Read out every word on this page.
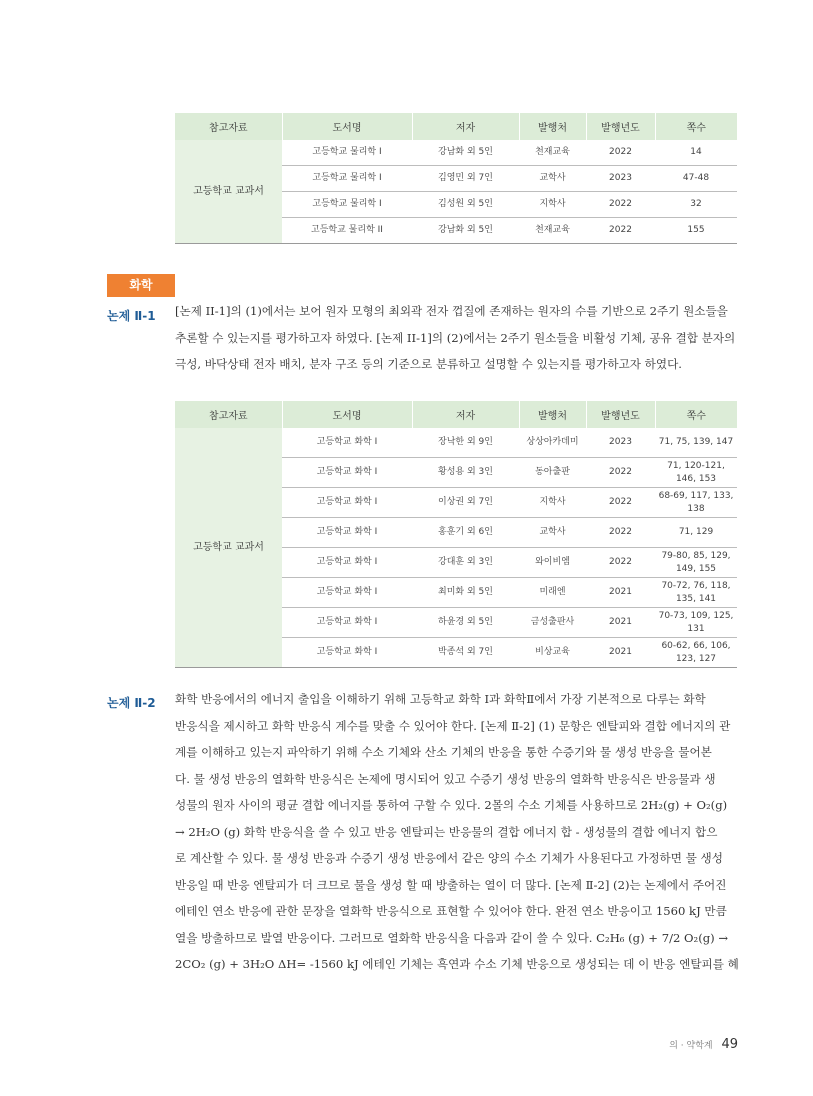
참고자료	도서명	저자	발행처	발행년도	쪽수
고등학교 교과서	고등학교 물리학 I	강남화 외 5인	천재교육	2022	14
	고등학교 물리학 I	김영민 외 7인	교학사	2023	47-48
	고등학교 물리학 I	김성원 외 5인	지학사	2022	32
	고등학교 물리학 II	강남화 외 5인	천재교육	2022	155
화학
논제 Ⅱ-1 [논제 II-1]의 (1)에서는 보어 원자 모형의 최외곽 전자 껍질에 존재하는 원자의 수를 기반으로 2주기 원소들을
추론할 수 있는지를 평가하고자 하였다. [논제 II-1]의 (2)에서는 2주기 원소들을 비활성 기체, 공유 결합 분자의
극성, 바닥상태 전자 배치, 분자 구조 등의 기준으로 분류하고 설명할 수 있는지를 평가하고자 하였다.
참고자료	도서명	저자	발행처	발행년도	쪽수
고등학교 교과서	고등학교 화학 I	장낙한 외 9인	상상아카데미	2023	71, 75, 139, 147
	고등학교 화학 I	황성용 외 3인	동아출판	2022	71, 120-121, 146, 153
	고등학교 화학 I	이상권 외 7인	지학사	2022	68-69, 117, 133, 138
	고등학교 화학 I	홍훈기 외 6인	교학사	2022	71, 129
	고등학교 화학 I	강대훈 외 3인	와이비엠	2022	79-80, 85, 129, 149, 155
	고등학교 화학 I	최미화 외 5인	미래엔	2021	70-72, 76, 118, 135, 141
	고등학교 화학 I	하윤경 외 5인	금성출판사	2021	70-73, 109, 125, 131
	고등학교 화학 I	박종석 외 7인	비상교육	2021	60-62, 66, 106, 123, 127
논제 Ⅱ-2 화학 반응에서의 에너지 출입을 이해하기 위해 고등학교 화학 Ⅰ과 화학Ⅱ에서 가장 기본적으로 다루는 화학
반응식을 제시하고 화학 반응식 계수를 맞출 수 있어야 한다. [논제 Ⅱ-2] (1) 문항은 엔탈피와 결합 에너지의 관
계를 이해하고 있는지 파악하기 위해 수소 기체와 산소 기체의 반응을 통한 수증기와 물 생성 반응을 물어본
다. 물 생성 반응의 열화학 반응식은 논제에 명시되어 있고 수증기 생성 반응의 열화학 반응식은 반응물과 생
성물의 원자 사이의 평균 결합 에너지를 통하여 구할 수 있다. 2몰의 수소 기체를 사용하므로 2H₂(g) + O₂(g)
→ 2H₂O (g) 화학 반응식을 쓸 수 있고 반응 엔탈피는 반응물의 결합 에너지 합 - 생성물의 결합 에너지 합으
로 계산할 수 있다. 물 생성 반응과 수증기 생성 반응에서 같은 양의 수소 기체가 사용된다고 가정하면 물 생성
반응일 때 반응 엔탈피가 더 크므로 물을 생성 할 때 방출하는 열이 더 많다. [논제 Ⅱ-2] (2)는 논제에서 주어진
에테인 연소 반응에 관한 문장을 열화학 반응식으로 표현할 수 있어야 한다. 완전 연소 반응이고 1560 kJ 만큼
열을 방출하므로 발열 반응이다. 그러므로 열화학 반응식을 다음과 같이 쓸 수 있다. C₂H₆ (g) + 7/2 O₂(g) →
2CO₂ (g) + 3H₂O ΔH= -1560 kJ 에테인 기체는 흑연과 수소 기체 반응으로 생성되는 데 이 반응 엔탈피를 혜
의 · 약학계 49
